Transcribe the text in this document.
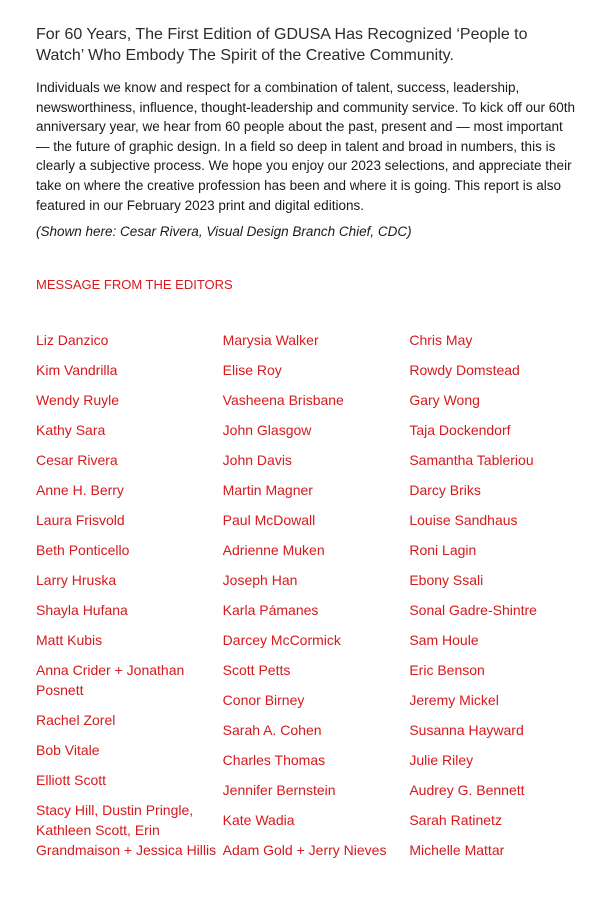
For 60 Years, The First Edition of GDUSA Has Recognized ‘People to Watch’ Who Embody The Spirit of the Creative Community.

Individuals we know and respect for a combination of talent, success, leadership, newsworthiness, influence, thought-leadership and community service. To kick off our 60th anniversary year, we hear from 60 people about the past, present and — most important — the future of graphic design. In a field so deep in talent and broad in numbers, this is clearly a subjective process. We hope you enjoy our 2023 selections, and appreciate their take on where the creative profession has been and where it is going. This report is also featured in our February 2023 print and digital editions.

(Shown here: Cesar Rivera, Visual Design Branch Chief, CDC)

MESSAGE FROM THE EDITORS
Liz Danzico
Kim Vandrilla
Wendy Ruyle
Kathy Sara
Cesar Rivera
Anne H. Berry
Laura Frisvold
Beth Ponticello
Larry Hruska
Shayla Hufana
Matt Kubis
Anna Crider + Jonathan Posnett
Rachel Zorel
Bob Vitale
Elliott Scott
Stacy Hill, Dustin Pringle, Kathleen Scott, Erin Grandmaison + Jessica Hillis
Marysia Walker
Elise Roy
Vasheena Brisbane
John Glasgow
John Davis
Martin Magner
Paul McDowall
Adrienne Muken
Joseph Han
Karla Pámanes
Darcey McCormick
Scott Petts
Conor Birney
Sarah A. Cohen
Charles Thomas
Jennifer Bernstein
Kate Wadia
Adam Gold + Jerry Nieves
Chris May
Rowdy Domstead
Gary Wong
Taja Dockendorf
Samantha Tableriou
Darcy Briks
Louise Sandhaus
Roni Lagin
Ebony Ssali
Sonal Gadre-Shintre
Sam Houle
Eric Benson
Jeremy Mickel
Susanna Hayward
Julie Riley
Audrey G. Bennett
Sarah Ratinetz
Michelle Mattar
